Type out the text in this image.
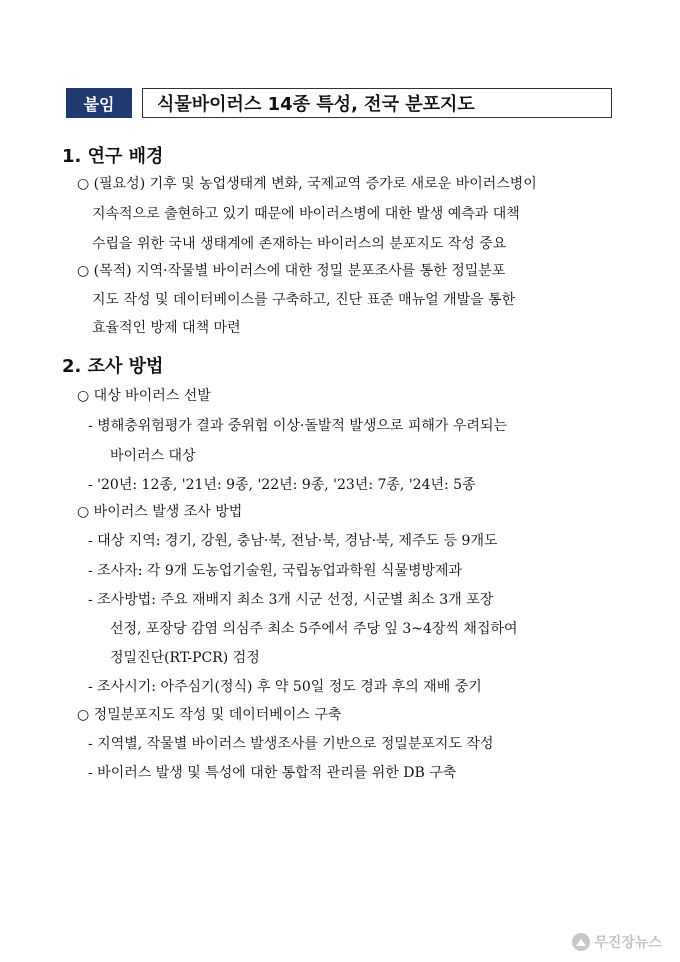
붙임	식물바이러스 14종 특성, 전국 분포지도
1. 연구 배경
○ (필요성) 기후 및 농업생태계 변화, 국제교역 증가로 새로운 바이러스병이
지속적으로 출현하고 있기 때문에 바이러스병에 대한 발생 예측과 대책
수립을 위한 국내 생태계에 존재하는 바이러스의 분포지도 작성 중요
○ (목적) 지역·작물별 바이러스에 대한 정밀 분포조사를 통한 정밀분포
지도 작성 및 데이터베이스를 구축하고, 진단 표준 매뉴얼 개발을 통한
효율적인 방제 대책 마련
2. 조사 방법
○ 대상 바이러스 선발
- 병해충위험평가 결과 중위험 이상·돌발적 발생으로 피해가 우려되는
바이러스 대상
- '20년: 12종, '21년: 9종, '22년: 9종, '23년: 7종, '24년: 5종
○ 바이러스 발생 조사 방법
- 대상 지역: 경기, 강원, 충남·북, 전남·북, 경남·북, 제주도 등 9개도
- 조사자: 각 9개 도농업기술원, 국립농업과학원 식물병방제과
- 조사방법: 주요 재배지 최소 3개 시군 선정, 시군별 최소 3개 포장
선정, 포장당 감염 의심주 최소 5주에서 주당 잎 3~4장씩 채집하여
정밀진단(RT-PCR) 검정
- 조사시기: 아주심기(정식) 후 약 50일 정도 경과 후의 재배 중기
○ 정밀분포지도 작성 및 데이터베이스 구축
- 지역별, 작물별 바이러스 발생조사를 기반으로 정밀분포지도 작성
- 바이러스 발생 및 특성에 대한 통합적 관리를 위한 DB 구축
무진장뉴스
